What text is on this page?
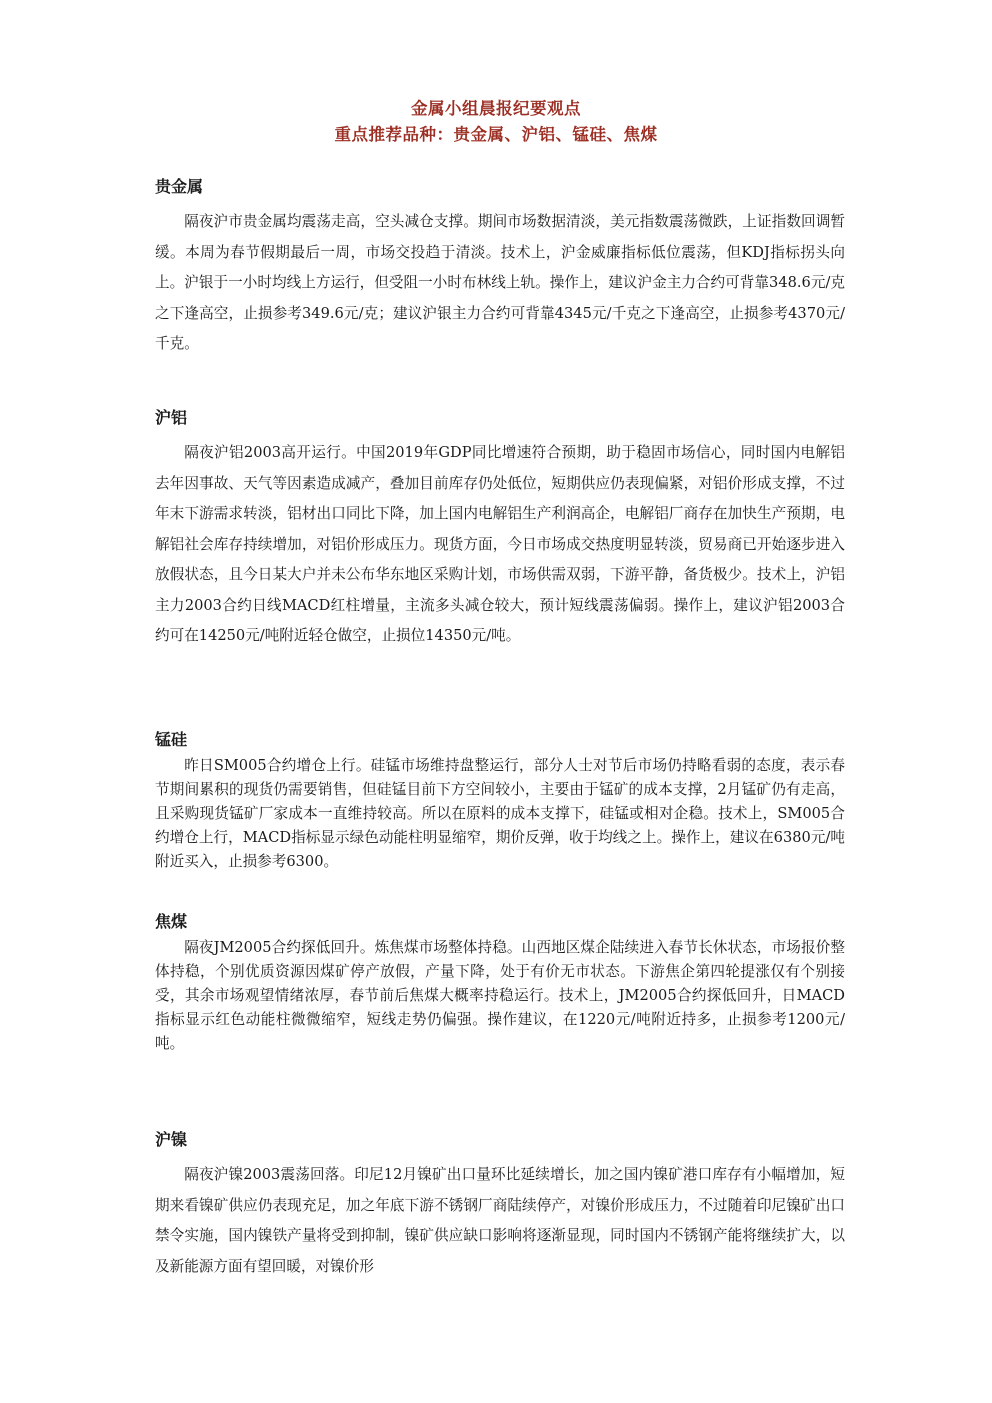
金属小组晨报纪要观点

重点推荐品种：贵金属、沪铝、锰硅、焦煤

贵金属

隔夜沪市贵金属均震荡走高，空头减仓支撑。期间市场数据清淡，美元指数震荡微跌，上证指数回调暂缓。本周为春节假期最后一周，市场交投趋于清淡。技术上，沪金威廉指标低位震荡，但KDJ指标拐头向上。沪银于一小时均线上方运行，但受阻一小时布林线上轨。操作上，建议沪金主力合约可背靠348.6元/克之下逢高空，止损参考349.6元/克；建议沪银主力合约可背靠4345元/千克之下逢高空，止损参考4370元/千克。

沪铝

隔夜沪铝2003高开运行。中国2019年GDP同比增速符合预期，助于稳固市场信心，同时国内电解铝去年因事故、天气等因素造成减产，叠加目前库存仍处低位，短期供应仍表现偏紧，对铝价形成支撑，不过年末下游需求转淡，铝材出口同比下降，加上国内电解铝生产利润高企，电解铝厂商存在加快生产预期，电解铝社会库存持续增加，对铝价形成压力。现货方面，今日市场成交热度明显转淡，贸易商已开始逐步进入放假状态，且今日某大户并未公布华东地区采购计划，市场供需双弱，下游平静，备货极少。技术上，沪铝主力2003合约日线MACD红柱增量，主流多头减仓较大，预计短线震荡偏弱。操作上，建议沪铝2003合约可在14250元/吨附近轻仓做空，止损位14350元/吨。

锰硅

昨日SM005合约增仓上行。硅锰市场维持盘整运行，部分人士对节后市场仍持略看弱的态度，表示春节期间累积的现货仍需要销售，但硅锰目前下方空间较小，主要由于锰矿的成本支撑，2月锰矿仍有走高，且采购现货锰矿厂家成本一直维持较高。所以在原料的成本支撑下，硅锰或相对企稳。技术上，SM005合约增仓上行，MACD指标显示绿色动能柱明显缩窄，期价反弹，收于均线之上。操作上，建议在6380元/吨附近买入，止损参考6300。

焦煤

隔夜JM2005合约探低回升。炼焦煤市场整体持稳。山西地区煤企陆续进入春节长休状态，市场报价整体持稳，个别优质资源因煤矿停产放假，产量下降，处于有价无市状态。下游焦企第四轮提涨仅有个别接受，其余市场观望情绪浓厚，春节前后焦煤大概率持稳运行。技术上，JM2005合约探低回升，日MACD指标显示红色动能柱微微缩窄，短线走势仍偏强。操作建议，在1220元/吨附近持多，止损参考1200元/吨。

沪镍

隔夜沪镍2003震荡回落。印尼12月镍矿出口量环比延续增长，加之国内镍矿港口库存有小幅增加，短期来看镍矿供应仍表现充足，加之年底下游不锈钢厂商陆续停产，对镍价形成压力，不过随着印尼镍矿出口禁令实施，国内镍铁产量将受到抑制，镍矿供应缺口影响将逐渐显现，同时国内不锈钢产能将继续扩大，以及新能源方面有望回暖，对镍价形
